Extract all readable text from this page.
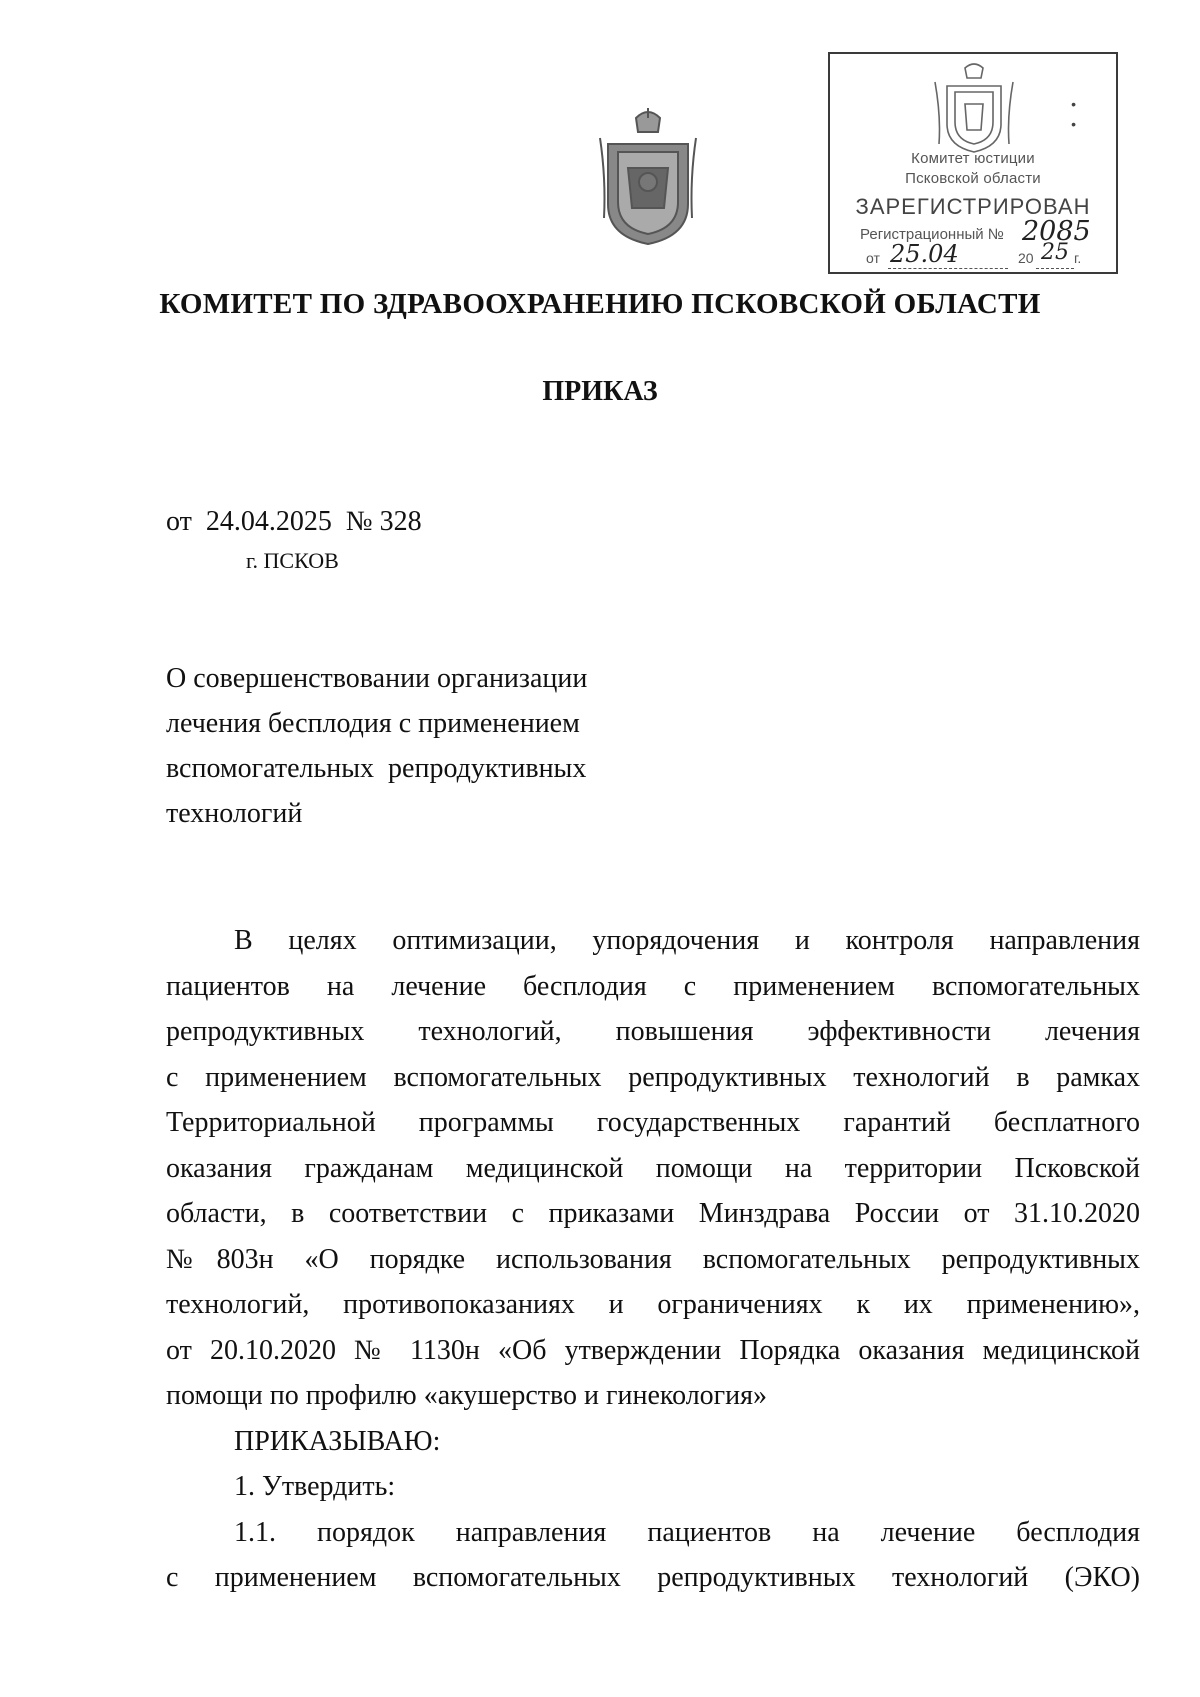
•
•
Комитет юстиции
Псковской области
ЗАРЕГИСТРИРОВАН
Регистрационный № 2085
от 25.04	20 25 г.
КОМИТЕТ ПО ЗДРАВООХРАНЕНИЮ ПСКОВСКОЙ ОБЛАСТИ
ПРИКАЗ
от  24.04.2025  № 328
г. ПСКОВ
О совершенствовании организации
лечения бесплодия с применением
вспомогательных  репродуктивных
технологий
В целях оптимизации, упорядочения и контроля направления
пациентов на лечение бесплодия с применением вспомогательных
репродуктивных технологий, повышения эффективности лечения
с применением вспомогательных репродуктивных технологий в рамках
Территориальной программы государственных гарантий бесплатного
оказания гражданам медицинской помощи на территории Псковской
области, в соответствии с приказами Минздрава России от 31.10.2020
№803н «О порядке использования вспомогательных репродуктивных
технологий, противопоказаниях и ограничениях к их применению»,
от 20.10.2020 № 1130н «Об утверждении Порядка оказания медицинской
помощи по профилю «акушерство и гинекология»
ПРИКАЗЫВАЮ:
1. Утвердить:
1.1. порядок направления пациентов на лечение бесплодия
с применением вспомогательных репродуктивных технологий (ЭКО)
